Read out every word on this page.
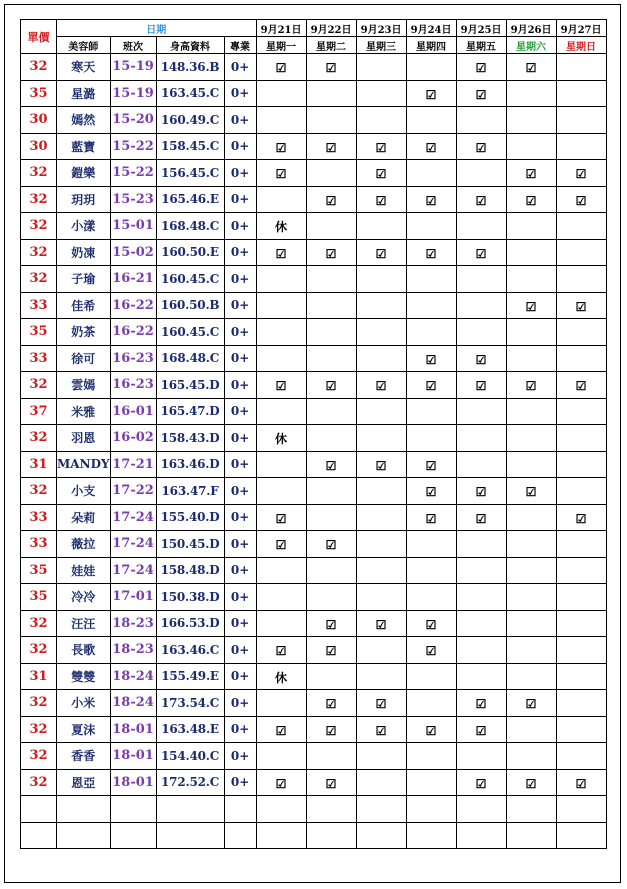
單價	日期				9月21日	9月22日	9月23日	9月24日	9月25日	9月26日	9月27日
	美容師	班次	身高資料	專業	星期一	星期二	星期三	星期四	星期五	星期六	星期日
32	寒天	15-19	148.36.B	0+	☑	☑			☑	☑	
35	星潞	15-19	163.45.C	0+				☑	☑		
30	嫣然	15-20	160.49.C	0+							
30	藍寶	15-22	158.45.C	0+	☑	☑	☑	☑	☑		
32	鎧樂	15-22	156.45.C	0+	☑		☑			☑	☑
32	玥玥	15-23	165.46.E	0+		☑	☑	☑	☑	☑	☑
32	小漾	15-01	168.48.C	0+	休						
32	奶凍	15-02	160.50.E	0+	☑	☑	☑	☑	☑		
32	子瑜	16-21	160.45.C	0+							
33	佳希	16-22	160.50.B	0+						☑	☑
35	奶茶	16-22	160.45.C	0+							
33	徐可	16-23	168.48.C	0+				☑	☑		
32	雲嫣	16-23	165.45.D	0+	☑	☑	☑	☑	☑	☑	☑
37	米雅	16-01	165.47.D	0+							
32	羽恩	16-02	158.43.D	0+	休						
31	MANDY	17-21	163.46.D	0+		☑	☑	☑			
32	小支	17-22	163.47.F	0+				☑	☑	☑	
33	朵莉	17-24	155.40.D	0+	☑			☑	☑		☑
33	薇拉	17-24	150.45.D	0+	☑	☑					
35	娃娃	17-24	158.48.D	0+							
35	冷冷	17-01	150.38.D	0+							
32	汪汪	18-23	166.53.D	0+		☑	☑	☑			
32	長歌	18-23	163.46.C	0+	☑	☑		☑			
31	雙雙	18-24	155.49.E	0+	休						
32	小米	18-24	173.54.C	0+		☑	☑		☑	☑	
32	夏沫	18-01	163.48.E	0+	☑	☑	☑	☑	☑		
32	香香	18-01	154.40.C	0+							
32	恩亞	18-01	172.52.C	0+	☑	☑			☑	☑	☑
